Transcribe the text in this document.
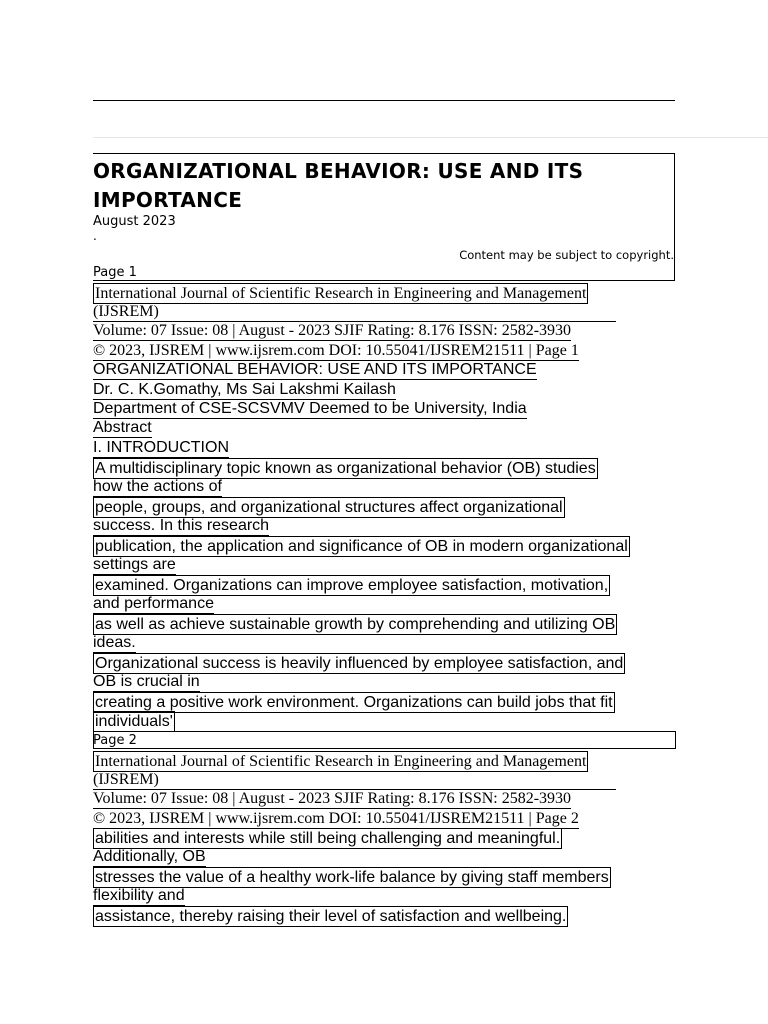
ORGANIZATIONAL BEHAVIOR: USE AND ITS IMPORTANCE
August 2023
.
Content may be subject to copyright.
Page 1
International Journal of Scientific Research in Engineering and Management
(IJSREM)
Volume: 07 Issue: 08 | August - 2023 SJIF Rating: 8.176 ISSN: 2582-3930
© 2023, IJSREM | www.ijsrem.com DOI: 10.55041/IJSREM21511 | Page 1
ORGANIZATIONAL BEHAVIOR: USE AND ITS IMPORTANCE
Dr. C. K.Gomathy, Ms Sai Lakshmi Kailash
Department of CSE-SCSVMV Deemed to be University, India
Abstract
I. INTRODUCTION
A multidisciplinary topic known as organizational behavior (OB) studies
how the actions of
people, groups, and organizational structures affect organizational
success. In this research
publication, the application and significance of OB in modern organizational
settings are
examined. Organizations can improve employee satisfaction, motivation,
and performance
as well as achieve sustainable growth by comprehending and utilizing OB
ideas.
Organizational success is heavily influenced by employee satisfaction, and
OB is crucial in
creating a positive work environment. Organizations can build jobs that fit
individuals'
Page 2
International Journal of Scientific Research in Engineering and Management
(IJSREM)
Volume: 07 Issue: 08 | August - 2023 SJIF Rating: 8.176 ISSN: 2582-3930
© 2023, IJSREM | www.ijsrem.com DOI: 10.55041/IJSREM21511 | Page 2
abilities and interests while still being challenging and meaningful.
Additionally, OB
stresses the value of a healthy work-life balance by giving staff members
flexibility and
assistance, thereby raising their level of satisfaction and wellbeing.
